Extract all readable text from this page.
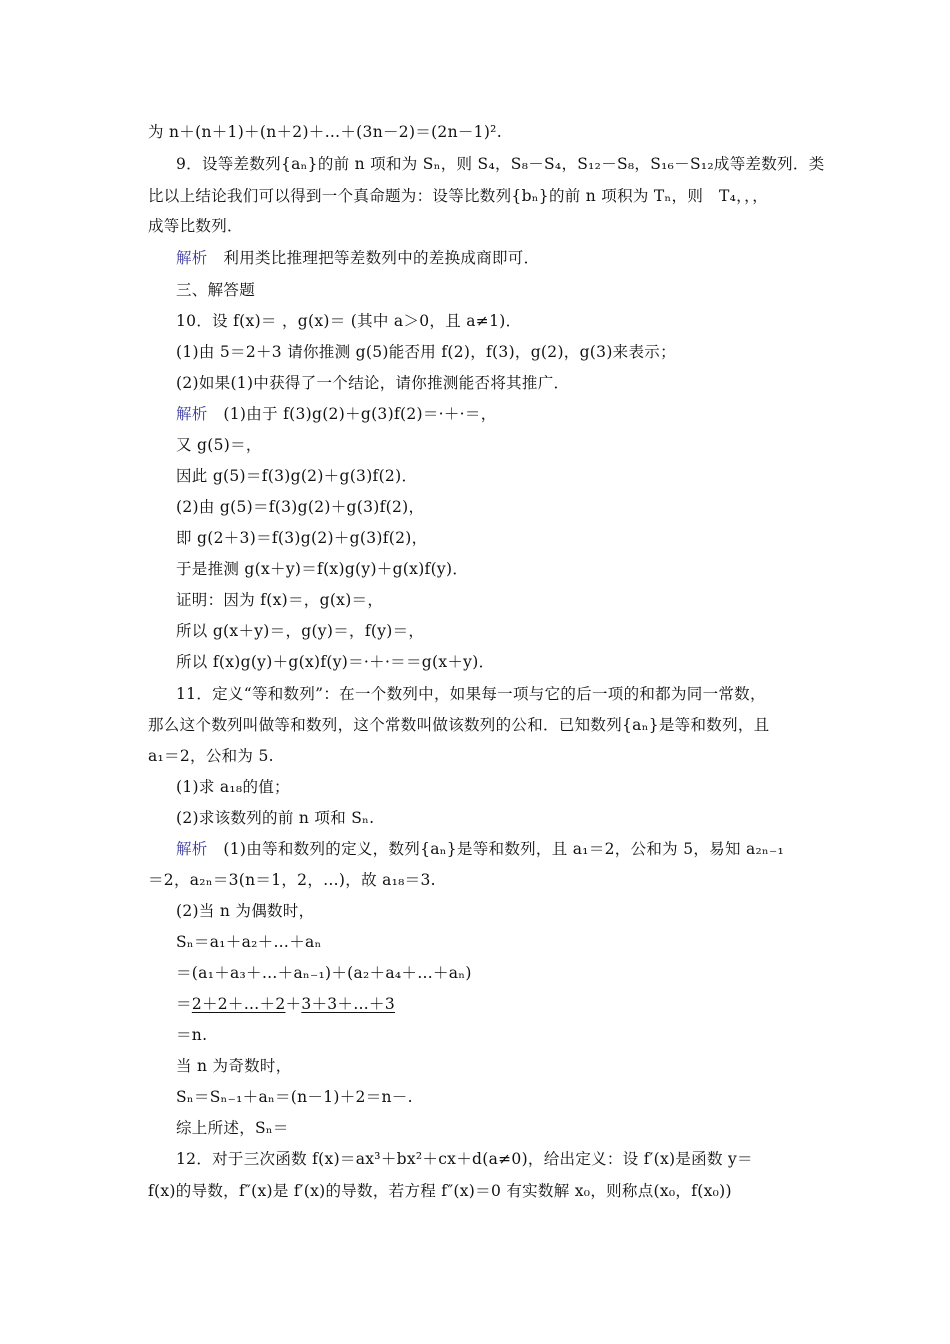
为 n＋(n＋1)＋(n＋2)＋…＋(3n－2)＝(2n－1)².
9．设等差数列{aₙ}的前 n 项和为 Sₙ，则 S₄，S₈－S₄，S₁₂－S₈，S₁₆－S₁₂成等差数列．类
比以上结论我们可以得到一个真命题为：设等比数列{bₙ}的前 n 项积为 Tₙ，则　T₄，，，
成等比数列．
解析　利用类比推理把等差数列中的差换成商即可．
三、解答题
10．设 f(x)＝ ，g(x)＝ (其中 a＞0，且 a≠1)．
(1)由 5＝2＋3 请你推测 g(5)能否用 f(2)，f(3)，g(2)，g(3)来表示；
(2)如果(1)中获得了一个结论，请你推测能否将其推广．
解析　(1)由于 f(3)g(2)＋g(3)f(2)＝·＋·＝，
又 g(5)＝，
因此 g(5)＝f(3)g(2)＋g(3)f(2)．
(2)由 g(5)＝f(3)g(2)＋g(3)f(2)，
即 g(2＋3)＝f(3)g(2)＋g(3)f(2)，
于是推测 g(x＋y)＝f(x)g(y)＋g(x)f(y)．
证明：因为 f(x)＝，g(x)＝，
所以 g(x＋y)＝，g(y)＝，f(y)＝，
所以 f(x)g(y)＋g(x)f(y)＝·＋·＝＝g(x＋y)．
11．定义“等和数列”：在一个数列中，如果每一项与它的后一项的和都为同一常数，
那么这个数列叫做等和数列，这个常数叫做该数列的公和．已知数列{aₙ}是等和数列，且
a₁＝2，公和为 5.
(1)求 a₁₈的值；
(2)求该数列的前 n 项和 Sₙ.
解析　(1)由等和数列的定义，数列{aₙ}是等和数列，且 a₁＝2，公和为 5，易知 a₂ₙ₋₁
＝2，a₂ₙ＝3(n＝1，2，…)，故 a₁₈＝3.
(2)当 n 为偶数时，
Sₙ＝a₁＋a₂＋…＋aₙ
＝(a₁＋a₃＋…＋aₙ₋₁)＋(a₂＋a₄＋…＋aₙ)
＝2＋2＋…＋2＋3＋3＋…＋3
＝n.
当 n 为奇数时，
Sₙ＝Sₙ₋₁＋aₙ＝(n－1)＋2＝n－.
综上所述，Sₙ＝
12．对于三次函数 f(x)＝ax³＋bx²＋cx＋d(a≠0)，给出定义：设 f′(x)是函数 y＝
f(x)的导数，f″(x)是 f′(x)的导数，若方程 f″(x)＝0 有实数解 x₀，则称点(x₀，f(x₀))
